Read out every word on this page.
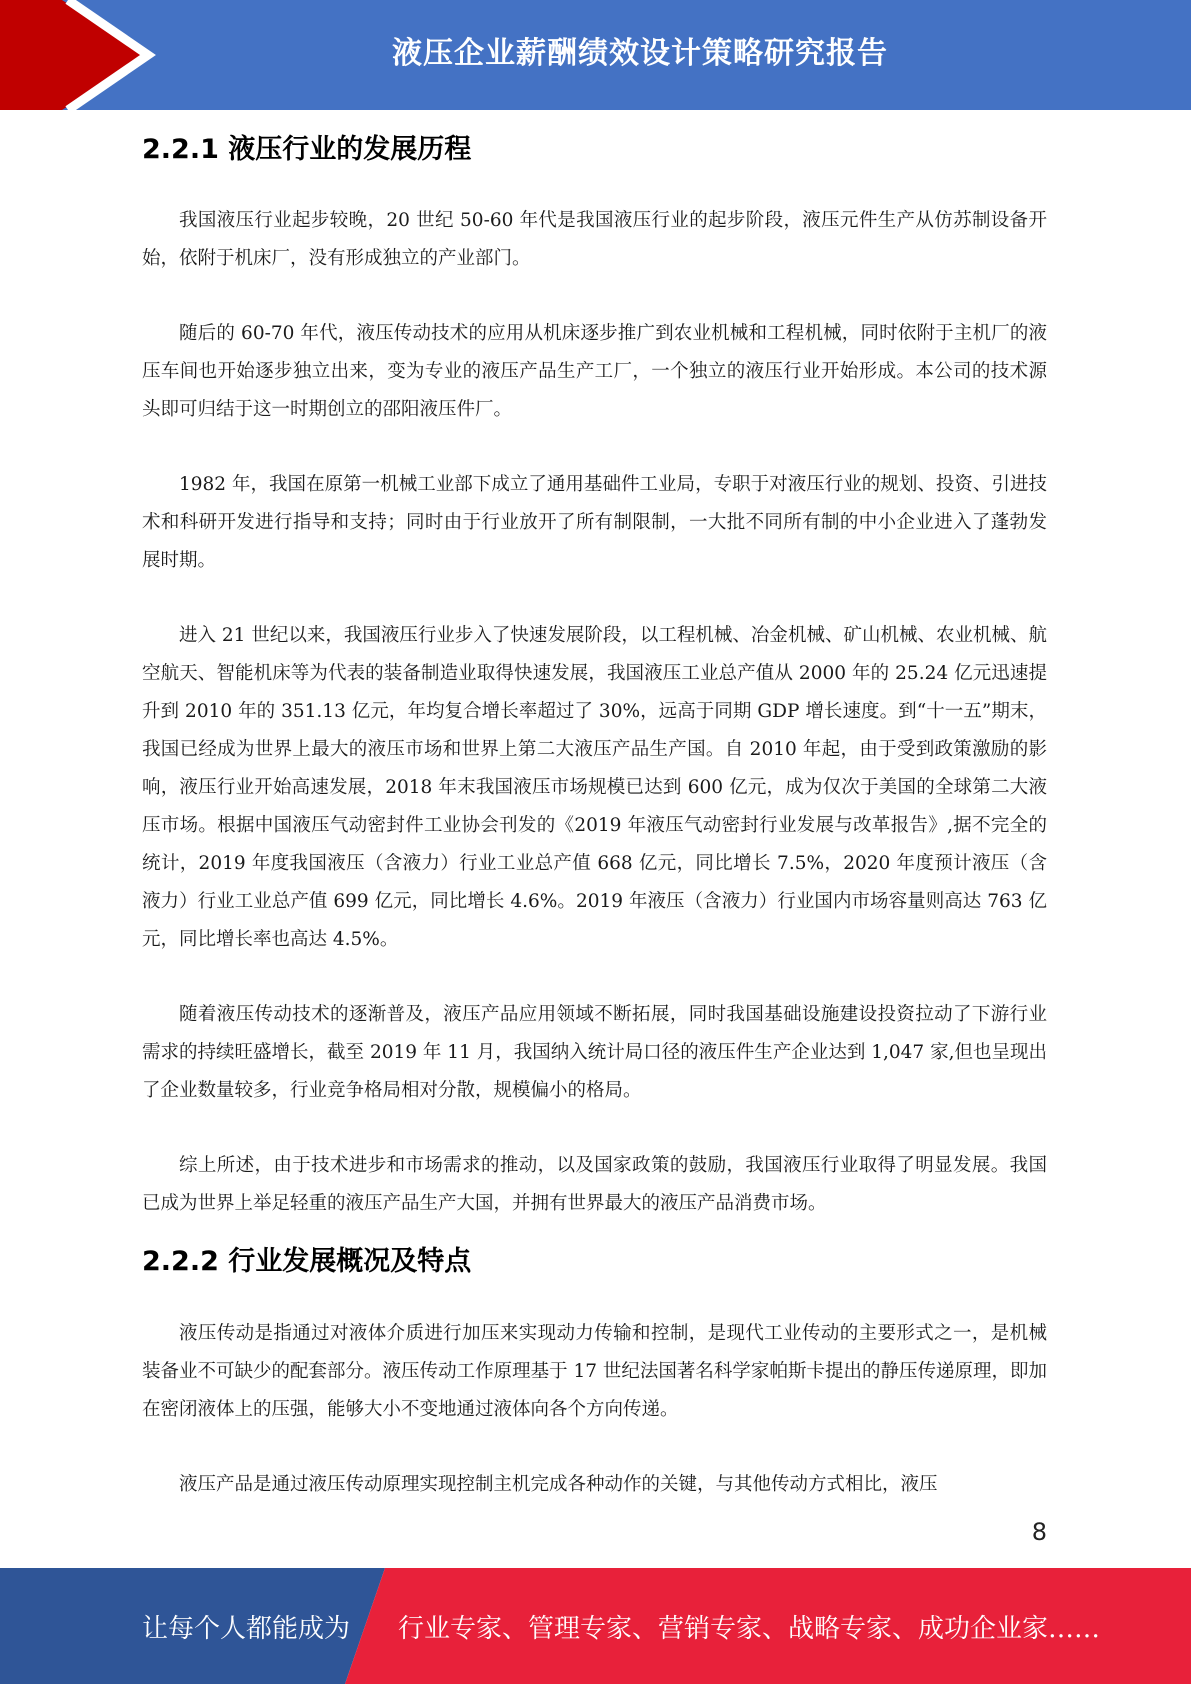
液压企业薪酬绩效设计策略研究报告
2.2.1 液压行业的发展历程

我国液压行业起步较晚，20 世纪 50-60 年代是我国液压行业的起步阶段，液压元件生产从仿苏制设备开始，依附于机床厂，没有形成独立的产业部门。

随后的 60-70 年代，液压传动技术的应用从机床逐步推广到农业机械和工程机械，同时依附于主机厂的液压车间也开始逐步独立出来，变为专业的液压产品生产工厂，一个独立的液压行业开始形成。本公司的技术源头即可归结于这一时期创立的邵阳液压件厂。

1982 年，我国在原第一机械工业部下成立了通用基础件工业局，专职于对液压行业的规划、投资、引进技术和科研开发进行指导和支持；同时由于行业放开了所有制限制，一大批不同所有制的中小企业进入了蓬勃发展时期。

进入 21 世纪以来，我国液压行业步入了快速发展阶段，以工程机械、冶金机械、矿山机械、农业机械、航空航天、智能机床等为代表的装备制造业取得快速发展，我国液压工业总产值从 2000 年的 25.24 亿元迅速提升到 2010 年的 351.13 亿元，年均复合增长率超过了 30%，远高于同期 GDP 增长速度。到“十一五”期末，我国已经成为世界上最大的液压市场和世界上第二大液压产品生产国。自 2010 年起，由于受到政策激励的影响，液压行业开始高速发展，2018 年末我国液压市场规模已达到 600 亿元，成为仅次于美国的全球第二大液压市场。根据中国液压气动密封件工业协会刊发的《2019 年液压气动密封行业发展与改革报告》,据不完全的统计，2019 年度我国液压（含液力）行业工业总产值 668 亿元，同比增长 7.5%，2020 年度预计液压（含液力）行业工业总产值 699 亿元，同比增长 4.6%。2019 年液压（含液力）行业国内市场容量则高达 763 亿元，同比增长率也高达 4.5%。

随着液压传动技术的逐渐普及，液压产品应用领域不断拓展，同时我国基础设施建设投资拉动了下游行业需求的持续旺盛增长，截至 2019 年 11 月，我国纳入统计局口径的液压件生产企业达到 1,047 家,但也呈现出了企业数量较多，行业竞争格局相对分散，规模偏小的格局。

综上所述，由于技术进步和市场需求的推动，以及国家政策的鼓励，我国液压行业取得了明显发展。我国已成为世界上举足轻重的液压产品生产大国，并拥有世界最大的液压产品消费市场。

2.2.2 行业发展概况及特点

液压传动是指通过对液体介质进行加压来实现动力传输和控制，是现代工业传动的主要形式之一，是机械装备业不可缺少的配套部分。液压传动工作原理基于 17 世纪法国著名科学家帕斯卡提出的静压传递原理，即加在密闭液体上的压强，能够大小不变地通过液体向各个方向传递。

液压产品是通过液压传动原理实现控制主机完成各种动作的关键，与其他传动方式相比，液压

8
让每个人都能成为 行业专家、管理专家、营销专家、战略专家、成功企业家……
